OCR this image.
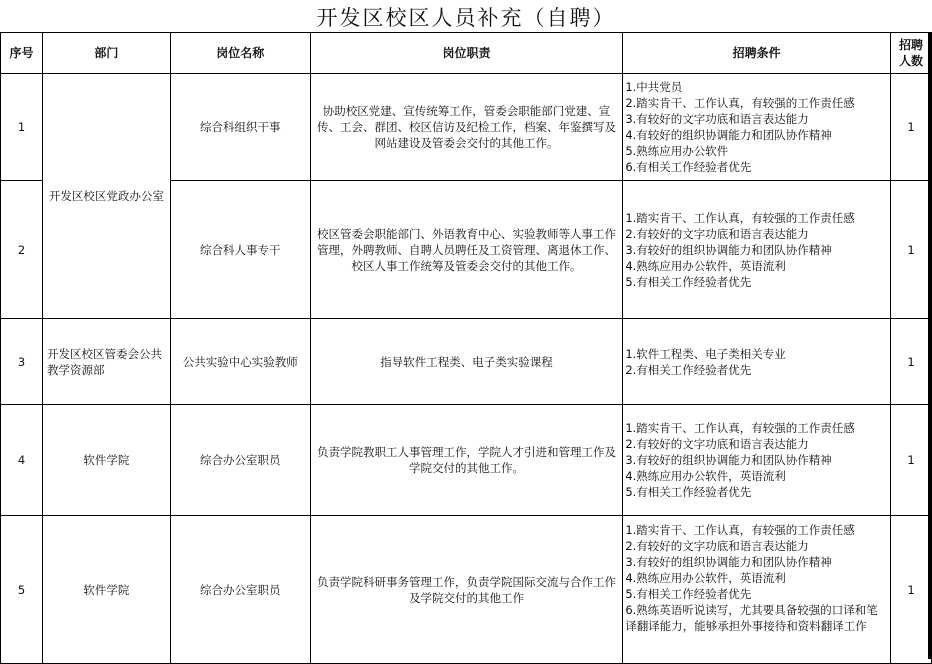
开发区校区人员补充（自聘）
序号	部门	岗位名称	岗位职责	招聘条件	招聘
人数

1	开发区校区党政办公室	综合科组织干事	协助校区党建、宣传统筹工作，管委会职能部门党建、宣传、工会、群团、校区信访及纪检工作，档案、年鉴撰写及网站建设及管委会交付的其他工作。	
1.中共党员
2.踏实肯干、工作认真，有较强的工作责任感
3.有较好的文字功底和语言表达能力
4.有较好的组织协调能力和团队协作精神
5.熟练应用办公软件
6.有相关工作经验者优先
	1
2		综合科人事专干	校区管委会职能部门、外语教育中心、实验教师等人事工作管理，外聘教师、自聘人员聘任及工资管理、离退休工作、校区人事工作统筹及管委会交付的其他工作。	1.踏实肯干、工作认真，有较强的工作责任感
2.有较好的文字功底和语言表达能力
3.有较好的组织协调能力和团队协作精神
4.熟练应用办公软件，英语流利
5.有相关工作经验者优先	1
3	开发区校区管委会公共教学资源部	公共实验中心实验教师	指导软件工程类、电子类实验课程	1.软件工程类、电子类相关专业
2.有相关工作经验者优先	1
4	软件学院	综合办公室职员	负责学院教职工人事管理工作，学院人才引进和管理工作及学院交付的其他工作。	1.踏实肯干、工作认真，有较强的工作责任感
2.有较好的文字功底和语言表达能力
3.有较好的组织协调能力和团队协作精神
4.熟练应用办公软件，英语流利
5.有相关工作经验者优先	1
5	软件学院	综合办公室职员	负责学院科研事务管理工作，负责学院国际交流与合作工作及学院交付的其他工作	
1.踏实肯干、工作认真，有较强的工作责任感
2.有较好的文字功底和语言表达能力
3.有较好的组织协调能力和团队协作精神
4.熟练应用办公软件，英语流利
5.有相关工作经验者优先
6.熟练英语听说读写，尤其要具备较强的口译和笔译翻译能力，能够承担外事接待和资料翻译工作
	1
